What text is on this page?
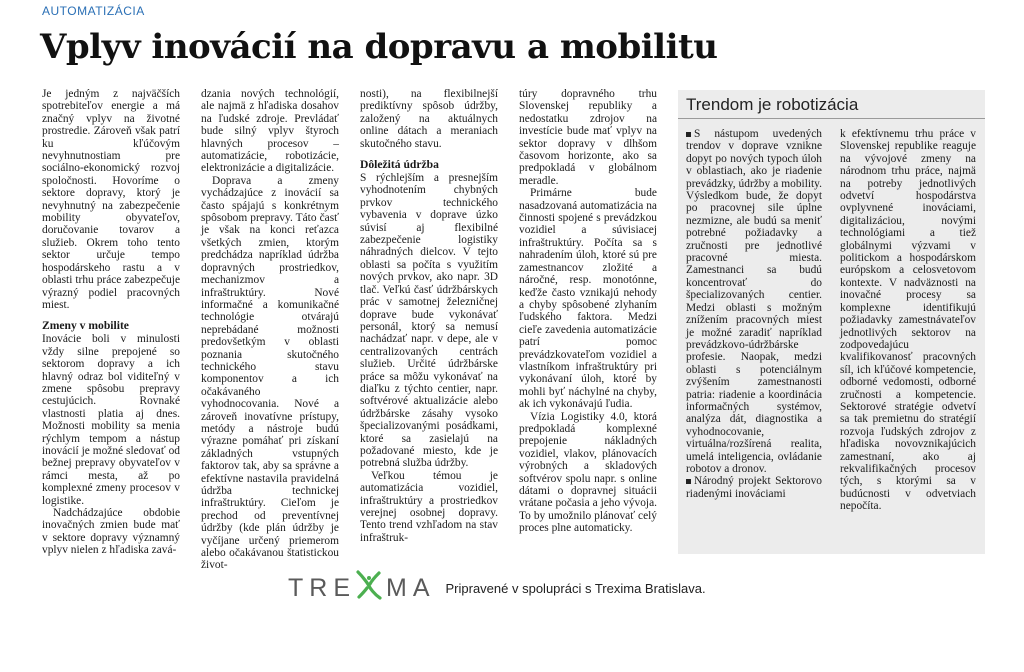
AUTOMATIZÁCIA
Vplyv inovácií na dopravu a mobilitu

Je jedným z najväčších spotrebiteľov energie a má značný vplyv na životné prostredie. Zároveň však patrí ku kľúčovým nevyhnutnostiam pre sociálno-ekonomický rozvoj spoločnosti. Hovoríme o sektore dopravy, ktorý je nevyhnutný na zabezpečenie mobility obyvateľov, doručovanie tovarov a služieb. Okrem toho tento sektor určuje tempo hospodárskeho rastu a v oblasti trhu práce zabezpečuje výrazný podiel pracovných miest.

Zmeny v mobilite

Inovácie boli v minulosti vždy silne prepojené so sektorom dopravy a ich hlavný odraz bol viditeľný v zmene spôsobu prepravy cestujúcich. Rovnaké vlastnosti platia aj dnes. Možnosti mobility sa menia rýchlym tempom a nástup inovácií je možné sledovať od bežnej prepravy obyvateľov v rámci mesta, až po komplexné zmeny procesov v logistike.

Nadchádzajúce obdobie inovačných zmien bude mať v sektore dopravy významný vplyv nielen z hľadiska zavá-

dzania nových technológií, ale najmä z hľadiska dosahov na ľudské zdroje. Prevládať bude silný vplyv štyroch hlavných procesov – automatizácie, robotizácie, elektronizácie a digitalizácie.

Doprava a zmeny vychádzajúce z inovácií sa často spájajú s konkrétnym spôsobom prepravy. Táto časť je však na konci reťazca všetkých zmien, ktorým predchádza napríklad údržba dopravných prostriedkov, mechanizmov a infraštruktúry. Nové informačné a komunikačné technológie otvárajú neprebádané možnosti predovšetkým v oblasti poznania skutočného technického stavu komponentov a ich očakávaného vyhodnocovania. Nové a zároveň inovatívne prístupy, metódy a nástroje budú výrazne pomáhať pri získaní základných vstupných faktorov tak, aby sa správne a efektívne nastavila pravidelná údržba technickej infraštruktúry. Cieľom je prechod od preventívnej údržby (kde plán údržby je vyčíjane určený priemerom alebo očakávanou štatistickou život-

nosti), na flexibilnejší prediktívny spôsob údržby, založený na aktuálnych online dátach a meraniach skutočného stavu.

Dôležitá údržba

S rýchlejším a presnejším vyhodnotením chybných prvkov technického vybavenia v doprave úzko súvisí aj flexibilné zabezpečenie logistiky náhradných dielcov. V tejto oblasti sa počíta s využitím nových prvkov, ako napr. 3D tlač. Veľkú časť údržbárskych prác v samotnej železničnej doprave bude vykonávať personál, ktorý sa nemusí nachádzať napr. v depe, ale v centralizovaných centrách služieb. Určité údržbárske práce sa môžu vykonávať na diaľku z týchto centier, napr. softvérové aktualizácie alebo údržbárske zásahy vysoko špecializovanými posádkami, ktoré sa zasielajú na požadované miesto, kde je potrebná služba údržby.

Veľkou témou je automatizácia vozidiel, infraštruktúry a prostriedkov verejnej osobnej dopravy. Tento trend vzhľadom na stav infraštruk-

túry dopravného trhu Slovenskej republiky a nedostatku zdrojov na investície bude mať vplyv na sektor dopravy v dlhšom časovom horizonte, ako sa predpokladá v globálnom meradle.

Primárne bude nasadzovaná automatizácia na činnosti spojené s prevádzkou vozidiel a súvisiacej infraštruktúry. Počíta sa s nahradením úloh, ktoré sú pre zamestnancov zložité a náročné, resp. monotónne, keďže často vznikajú nehody a chyby spôsobené zlyhaním ľudského faktora. Medzi cieľe zavedenia automatizácie patrí pomoc prevádzkovateľom vozidiel a vlastníkom infraštruktúry pri vykonávaní úloh, ktoré by mohli byť náchylné na chyby, ak ich vykonávajú ľudia.

Vízia Logistiky 4.0, ktorá predpokladá komplexné prepojenie nákladných vozidiel, vlakov, plánovacích výrobných a skladových softvérov spolu napr. s online dátami o dopravnej situácii vrátane počasia a jeho vývoja. To by umožnilo plánovať celý proces plne automaticky.

Trendom je robotizácia

S nástupom uvedených trendov v doprave vznikne dopyt po nových typoch úloh v oblastiach, ako je riadenie prevádzky, údržby a mobility. Výsledkom bude, že dopyt po pracovnej sile úplne nezmizne, ale budú sa meniť potrebné požiadavky a zručnosti pre jednotlivé pracovné miesta. Zamestnanci sa budú koncentrovať do špecializovaných centier. Medzi oblasti s možným znížením pracovných miest je možné zaradiť napríklad prevádzkovo-údržbárske profesie. Naopak, medzi oblasti s potenciálnym zvýšením zamestnanosti patria: riadenie a koordinácia informačných systémov, analýza dát, diagnostika a vyhodnocovanie, virtuálna/rozšírená realita, umelá inteligencia, ovládanie robotov a dronov.

Národný projekt Sektorovo riadenými inováciami

k efektívnemu trhu práce v Slovenskej republike reaguje na vývojové zmeny na národnom trhu práce, najmä na potreby jednotlivých odvetví hospodárstva ovplyvnené inováciami, digitalizáciou, novými technológiami a tiež globálnymi výzvami v politickom a hospodárskom európskom a celosvetovom kontexte. V nadväznosti na inovačné procesy sa komplexne identifikujú požiadavky zamestnávateľov jednotlivých sektorov na zodpovedajúcu kvalifikovanosť pracovných síl, ich kľúčové kompetencie, odborné vedomosti, odborné zručnosti a kompetencie. Sektorové stratégie odvetví sa tak premietnu do stratégií rozvoja ľudských zdrojov z hľadiska novovznikajúcich zamestnaní, ako aj rekvalifikačných procesov tých, s ktorými sa v budúcnosti v odvetviach nepočíta.

TRE MA Pripravené v spolupráci s Trexima Bratislava.
